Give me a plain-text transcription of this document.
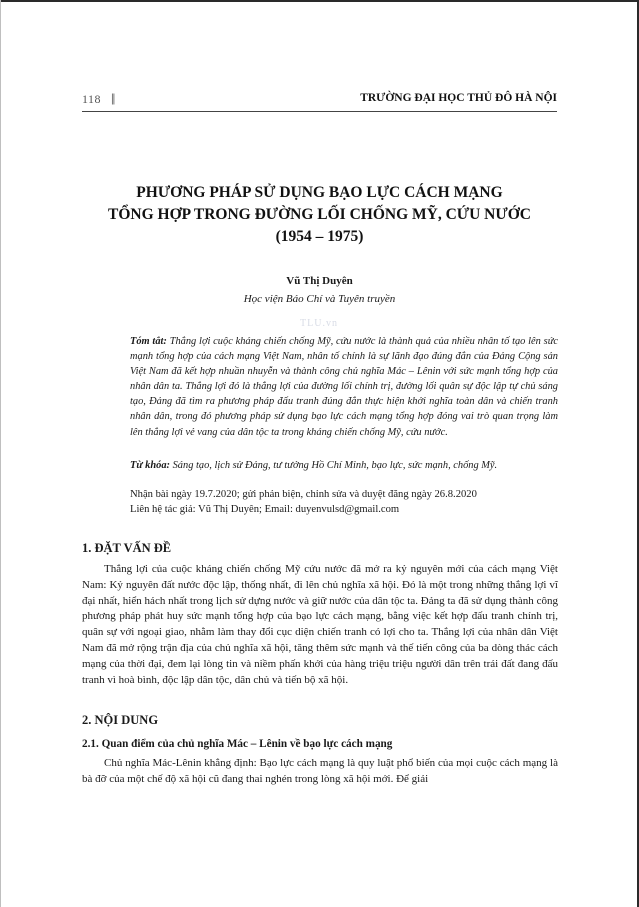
118 ||	TRƯỜNG ĐẠI HỌC THỦ ĐÔ HÀ NỘI
TLU.vn
PHƯƠNG PHÁP SỬ DỤNG BẠO LỰC CÁCH MẠNG
TỔNG HỢP TRONG ĐƯỜNG LỐI CHỐNG MỸ, CỨU NƯỚC
(1954 – 1975)
Vũ Thị Duyên
Học viện Báo Chí và Tuyên truyền
Tóm tắt: Thắng lợi cuộc kháng chiến chống Mỹ, cứu nước là thành quả của nhiều nhân tố tạo lên sức mạnh tổng hợp của cách mạng Việt Nam, nhân tố chính là sự lãnh đạo đúng đắn của Đảng Cộng sản Việt Nam đã kết hợp nhuần nhuyễn và thành công chủ nghĩa Mác – Lênin với sức mạnh tổng hợp của nhân dân ta. Thắng lợi đó là thắng lợi của đường lối chính trị, đường lối quân sự độc lập tự chủ sáng tạo, Đảng đã tìm ra phương pháp đấu tranh đúng đắn thực hiện khởi nghĩa toàn dân và chiến tranh nhân dân, trong đó phương pháp sử dụng bạo lực cách mạng tổng hợp đóng vai trò quan trọng làm lên thắng lợi vẻ vang của dân tộc ta trong kháng chiến chống Mỹ, cứu nước.
Từ khóa: Sáng tạo, lịch sử Đảng, tư tưởng Hồ Chí Minh, bạo lực, sức mạnh, chống Mỹ.
Nhận bài ngày 19.7.2020; gửi phản biện, chỉnh sửa và duyệt đăng ngày 26.8.2020
Liên hệ tác giả: Vũ Thị Duyên; Email: duyenvulsd@gmail.com
1. ĐẶT VẤN ĐỀ
Thắng lợi của cuộc kháng chiến chống Mỹ cứu nước đã mở ra kỷ nguyên mới của cách mạng Việt Nam: Kỷ nguyên đất nước độc lập, thống nhất, đi lên chủ nghĩa xã hội. Đó là một trong những thắng lợi vĩ đại nhất, hiển hách nhất trong lịch sử dựng nước và giữ nước của dân tộc ta. Đảng ta đã sử dụng thành công phương pháp phát huy sức mạnh tổng hợp của bạo lực cách mạng, bằng việc kết hợp đấu tranh chính trị, quân sự với ngoại giao, nhằm làm thay đổi cục diện chiến tranh có lợi cho ta. Thắng lợi của nhân dân Việt Nam đã mở rộng trận địa của chủ nghĩa xã hội, tăng thêm sức mạnh và thế tiến công của ba dòng thác cách mạng của thời đại, đem lại lòng tin và niềm phấn khởi của hàng triệu triệu người dân trên trái đất đang đấu tranh vì hoà bình, độc lập dân tộc, dân chủ và tiến bộ xã hội.
2. NỘI DUNG
2.1. Quan điểm của chủ nghĩa Mác – Lênin về bạo lực cách mạng
Chủ nghĩa Mác-Lênin khẳng định: Bạo lực cách mạng là quy luật phổ biến của mọi cuộc cách mạng là bà đỡ của một chế độ xã hội cũ đang thai nghén trong lòng xã hội mới. Để giải
